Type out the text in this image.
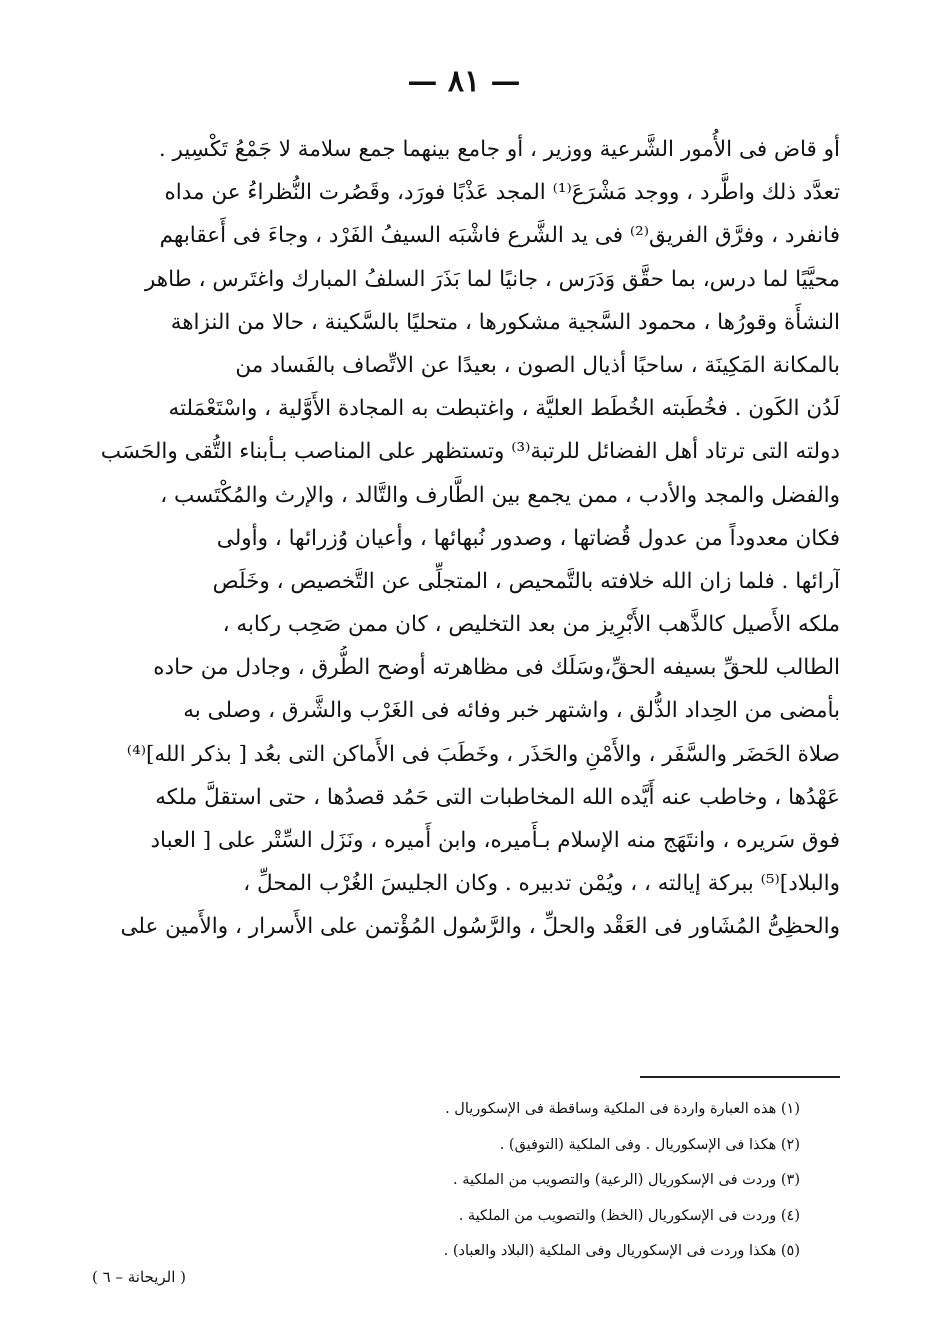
— ٨١ —
أو قاض فى الأُمور الشَّرعية ووزير ، أو جامع بينهما جمع سلامة لا جَمْعُ تَكْسِير .
تعدَّد ذلك واطَّرد ، ووجد مَشْرَعَ⁽¹⁾ المجد عَذْبًا فورَد، وقَصُرت النُّظراءُ عن مداه
فانفرد ، وفرَّق الفريق⁽²⁾ فى يد الشَّرع فاشْبَه السيفُ الفَرْد ، وجاءَ فى أَعقابهم
محيَّيًا لما درس، بما حقَّق وَدَرَس ، جانيًا لما بَذَرَ السلفُ المبارك واغتَرس ، طاهر
النشأَة وقورُها ، محمود السَّجية مشكورها ، متحليًا بالسَّكينة ، حالا من النزاهة
بالمكانة المَكِينَة ، ساحبًا أذيال الصون ، بعيدًا عن الاتِّصاف بالفَساد من
لَدُن الكَون . فخُطَبته الخُطَط العليَّة ، واغتبطت به المجادة الأَوَّلية ، واسْتَعْمَلته
دولته التى ترتاد أهل الفضائل للرتبة⁽³⁾ وتستظهر على المناصب بـأبناء التُّقى والحَسَب
والفضل والمجد والأدب ، ممن يجمع بين الطَّارف والتَّالد ، والإرث والمُكْتَسب ،
فكان معدوداً من عدول قُضاتها ، وصدور نُبهائها ، وأعيان وُزرائها ، وأولى
آرائها . فلما زان الله خلافته بالتَّمحيص ، المتجلِّى عن التَّخصيص ، وخَلَص
ملكه الأَصيل كالذَّهب الأَبْرِيز من بعد التخليص ، كان ممن صَحِب ركابه ،
الطالب للحقِّ بسيفه الحقِّ،وسَلَك فى مظاهرته أوضح الطُّرق ، وجادل من حاده
بأمضى من الحِداد الذُّلق ، واشتهر خبر وفائه فى الغَرْب والشَّرق ، وصلى به
صلاة الحَضَر والسَّفَر ، والأَمْنِ والحَذَر ، وخَطَبَ فى الأَماكن التى بعُد [ بذكر الله]⁽⁴⁾
عَهْدُها ، وخاطب عنه أَيَّده الله المخاطبات التى حَمُد قصدُها ، حتى استقلَّ ملكه
فوق سَريره ، وانتَهَج منه الإسلام بـأَميره، وابن أَميره ، ونَزَل السِّتْر على [ العباد
والبلاد]⁽⁵⁾ ببركة إيالته ، ، ويُمْن تدبيره . وكان الجليسَ الغُرْب المحلِّ ،
والحظِىُّ المُشَاور فى العَقْد والحلِّ ، والرَّسُول المُؤْتمن على الأَسرار ، والأَمين على
(١) هذه العبارة واردة فى الملكية وساقطة فى الإسكوريال .
(٢) هكذا فى الإسكوريال . وفى الملكية (التوفيق) .
(٣) وردت فى الإسكوريال (الرعية) والتصويب من الملكية .
(٤) وردت فى الإسكوريال (الخظ) والتصويب من الملكية .
(٥) هكذا وردت فى الإسكوريال وفى الملكية (البلاد والعباد) .
( الريحانة – ٦ )
